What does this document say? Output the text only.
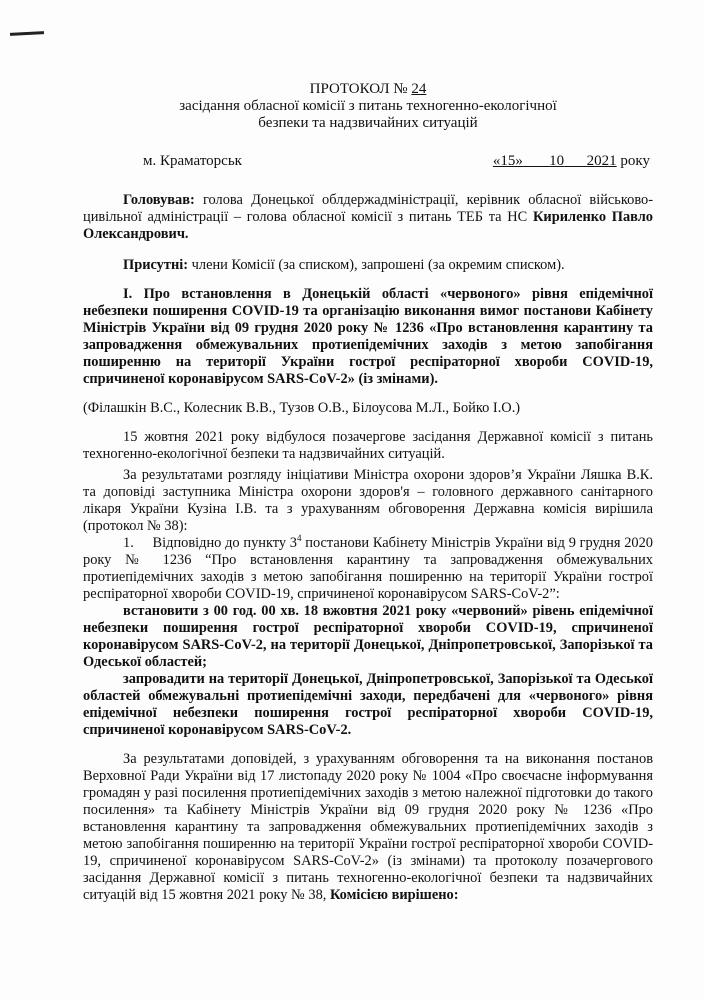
ПРОТОКОЛ № 24

засідання обласної комісії з питань техногенно-екологічної

безпеки та надзвичайних ситуацій

м. Краматорськ	«15» 10 2021 року

Головував: голова Донецької облдержадміністрації, керівник обласної військово-цивільної адміністрації – голова обласної комісії з питань ТЕБ та НС Кириленко Павло Олександрович.

Присутні: члени Комісії (за списком), запрошені (за окремим списком).

І. Про встановлення в Донецькій області «червоного» рівня епідемічної небезпеки поширення COVID-19 та організацію виконання вимог постанови Кабінету Міністрів України від 09 грудня 2020 року № 1236 «Про встановлення карантину та запровадження обмежувальних протиепідемічних заходів з метою запобігання поширенню на території України гострої респіраторної хвороби COVID-19, спричиненої коронавірусом SARS-CoV-2» (із змінами).

(Філашкін В.С., Колесник В.В., Тузов О.В., Білоусова М.Л., Бойко І.О.)

15 жовтня 2021 року відбулося позачергове засідання Державної комісії з питань техногенно-екологічної безпеки та надзвичайних ситуацій.

За результатами розгляду ініціативи Міністра охорони здоров’я України Ляшка В.К. та доповіді заступника Міністра охорони здоров'я – головного державного санітарного лікаря України Кузіна І.В. та з урахуванням обговорення Державна комісія вирішила (протокол № 38):

1. Відповідно до пункту $3^4$ постанови Кабінету Міністрів України від 9 грудня 2020 року № 1236 “Про встановлення карантину та запровадження обмежувальних протиепідемічних заходів з метою запобігання поширенню на території України гострої респіраторної хвороби COVID-19, спричиненої коронавірусом SARS-CoV-2”:

встановити з 00 год. 00 хв. 18 вжовтня 2021 року «червоний» рівень епідемічної небезпеки поширення гострої респіраторної хвороби COVID-19, спричиненої коронавірусом SARS-CoV-2, на території Донецької, Дніпропетровської, Запорізької та Одеської областей;

запровадити на території Донецької, Дніпропетровської, Запорізької та Одеської областей обмежувальні протиепідемічні заходи, передбачені для «червоного» рівня епідемічної небезпеки поширення гострої респіраторної хвороби COVID-19, спричиненої коронавірусом SARS-CoV-2.

За результатами доповідей, з урахуванням обговорення та на виконання постанов Верховної Ради України від 17 листопаду 2020 року № 1004 «Про своєчасне інформування громадян у разі посилення протиепідемічних заходів з метою належної підготовки до такого посилення» та Кабінету Міністрів України від 09 грудня 2020 року № 1236 «Про встановлення карантину та запровадження обмежувальних протиепідемічних заходів з метою запобігання поширенню на території України гострої респіраторної хвороби COVID-19, спричиненої коронавірусом SARS-CoV-2» (із змінами) та протоколу позачергового засідання Державної комісії з питань техногенно-екологічної безпеки та надзвичайних ситуацій від 15 жовтня 2021 року № 38, Комісією вирішено:
